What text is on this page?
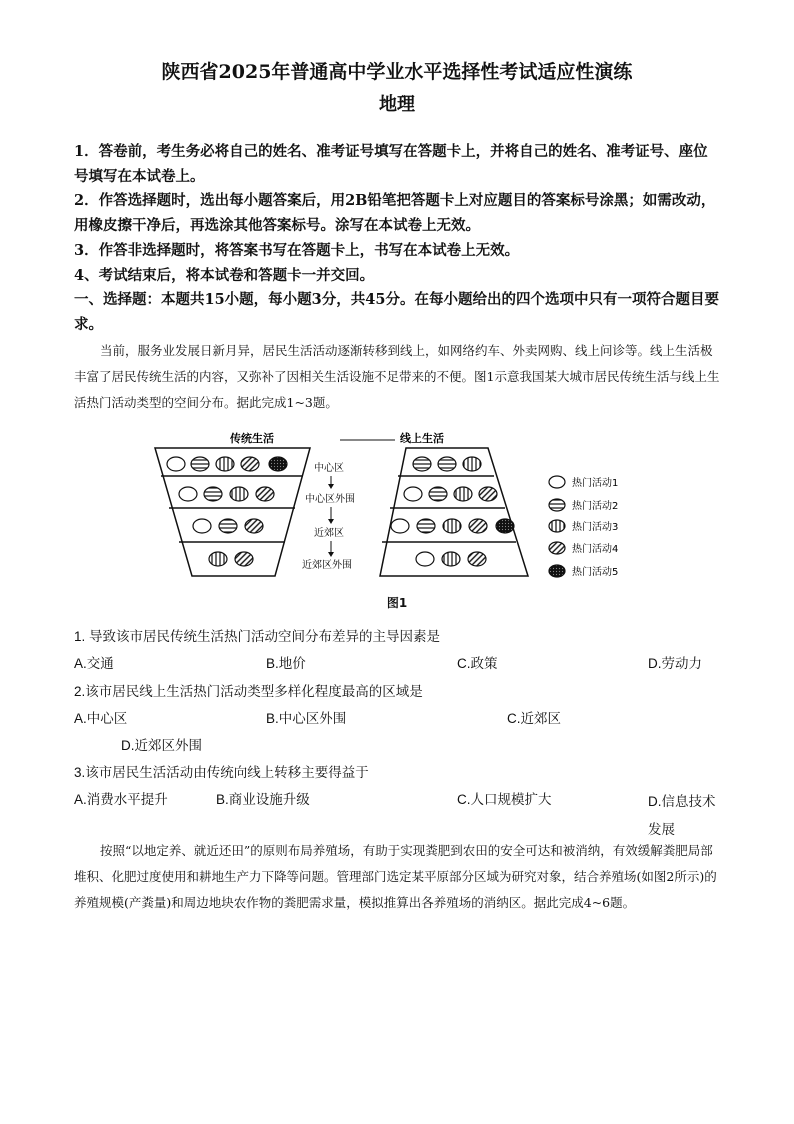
陕西省2025年普通高中学业水平选择性考试适应性演练
地理

1．答卷前，考生务必将自己的姓名、准考证号填写在答题卡上，并将自己的姓名、准考证号、座位号填写在本试卷上。

2．作答选择题时，选出每小题答案后，用2B铅笔把答题卡上对应题目的答案标号涂黑；如需改动，用橡皮擦干净后，再选涂其他答案标号。涂写在本试卷上无效。

3．作答非选择题时，将答案书写在答题卡上，书写在本试卷上无效。

4、考试结束后，将本试卷和答题卡一并交回。

一、选择题：本题共15小题，每小题3分，共45分。在每小题给出的四个选项中只有一项符合题目要求。

当前，服务业发展日新月异，居民生活活动逐渐转移到线上，如网络约车、外卖网购、线上问诊等。线上生活极丰富了居民传统生活的内容，又弥补了因相关生活设施不足带来的不便。图1示意我国某大城市居民传统生活与线上生活热门活动类型的空间分布。据此完成1~3题。
传统生活
中心区
中心区外围
近郊区
近郊区外围
线上生活
热门活动1
热门活动2
热门活动3
热门活动4
热门活动5
图1
1. 导致该市居民传统生活热门活动空间分布差异的主导因素是
A.交通	B.地价	C.政策	D.劳动力
2.该市居民线上生活热门活动类型多样化程度最高的区域是
A.中心区	B.中心区外围	C.近郊区
D.近郊区外围
3.该市居民生活活动由传统向线上转移主要得益于
A.消费水平提升	B.商业设施升级	C.人口规模扩大	D.信息技术发展
按照“以地定养、就近还田”的原则布局养殖场，有助于实现粪肥到农田的安全可达和被消纳，有效缓解粪肥局部堆积、化肥过度使用和耕地生产力下降等问题。管理部门选定某平原部分区域为研究对象，结合养殖场(如图2所示)的养殖规模(产粪量)和周边地块农作物的粪肥需求量，模拟推算出各养殖场的消纳区。据此完成4~6题。
